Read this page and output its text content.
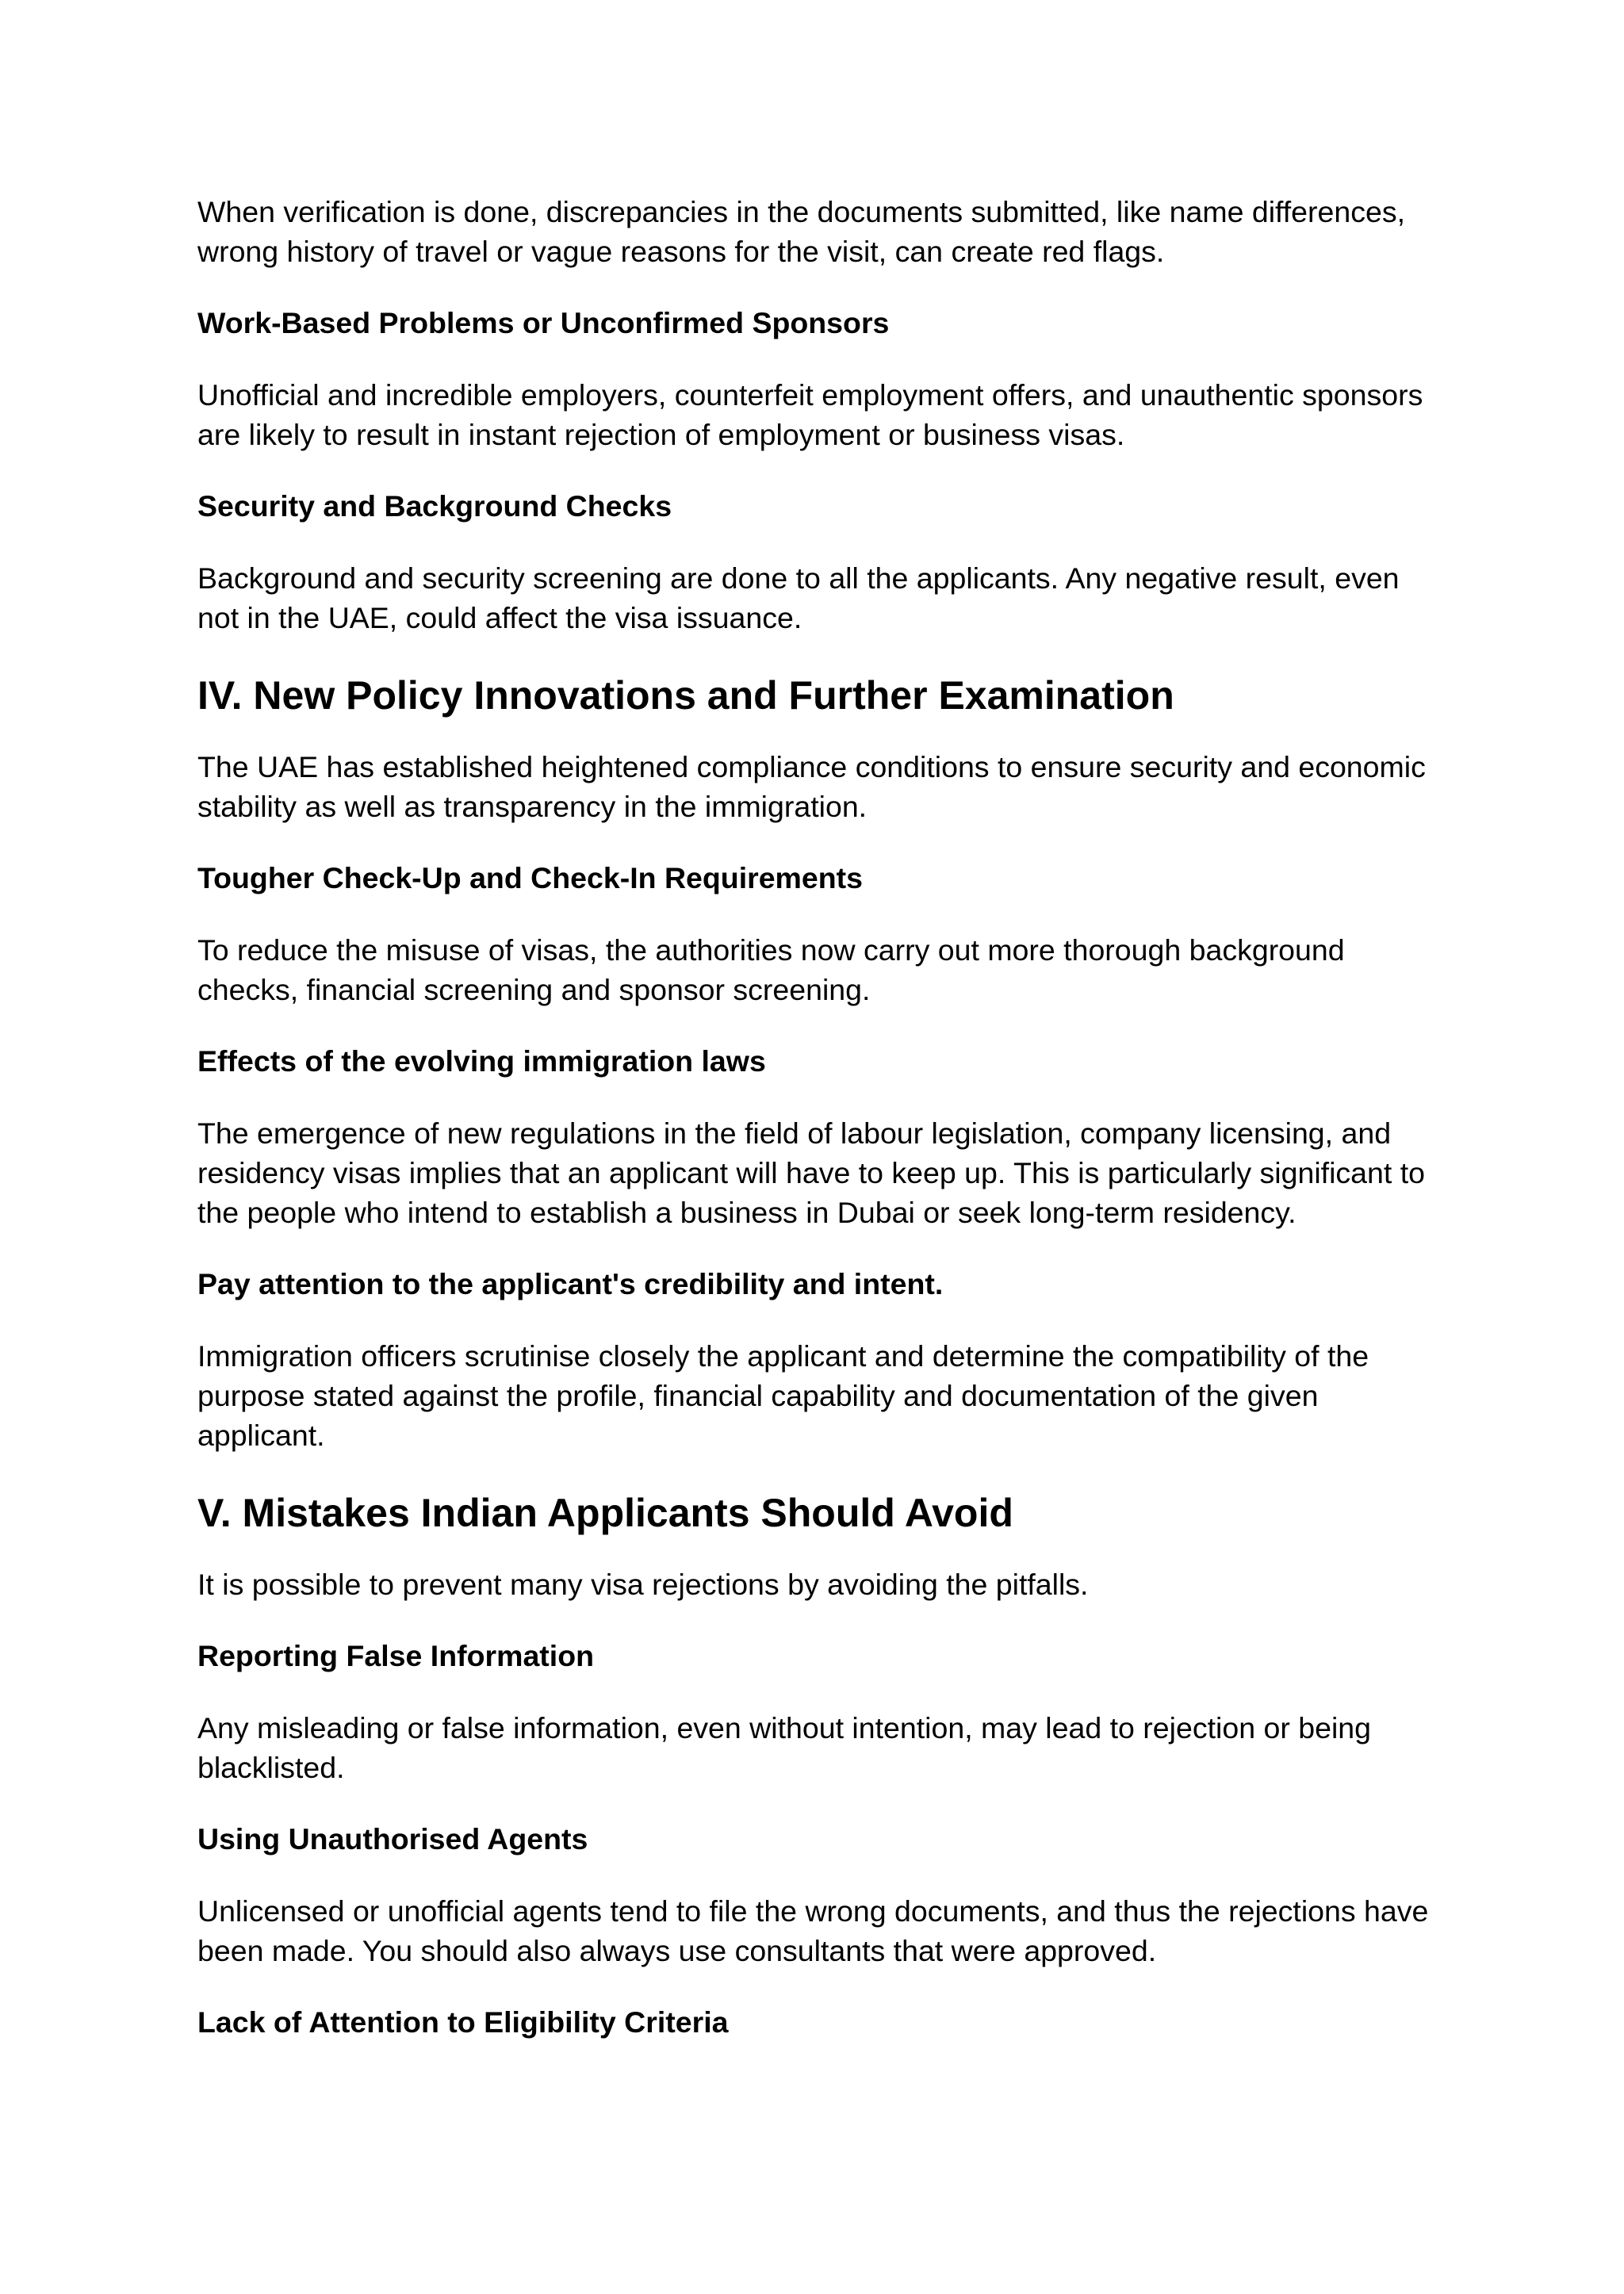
When verification is done, discrepancies in the documents submitted, like name differences, wrong history of travel or vague reasons for the visit, can create red flags.

Work-Based Problems or Unconfirmed Sponsors

Unofficial and incredible employers, counterfeit employment offers, and unauthentic sponsors are likely to result in instant rejection of employment or business visas.

Security and Background Checks

Background and security screening are done to all the applicants. Any negative result, even not in the UAE, could affect the visa issuance.

IV. New Policy Innovations and Further Examination

The UAE has established heightened compliance conditions to ensure security and economic stability as well as transparency in the immigration.

Tougher Check-Up and Check-In Requirements

To reduce the misuse of visas, the authorities now carry out more thorough background checks, financial screening and sponsor screening.

Effects of the evolving immigration laws

The emergence of new regulations in the field of labour legislation, company licensing, and residency visas implies that an applicant will have to keep up. This is particularly significant to the people who intend to establish a business in Dubai or seek long-term residency.

Pay attention to the applicant's credibility and intent.

Immigration officers scrutinise closely the applicant and determine the compatibility of the purpose stated against the profile, financial capability and documentation of the given applicant.

V. Mistakes Indian Applicants Should Avoid

It is possible to prevent many visa rejections by avoiding the pitfalls.

Reporting False Information

Any misleading or false information, even without intention, may lead to rejection or being blacklisted.

Using Unauthorised Agents

Unlicensed or unofficial agents tend to file the wrong documents, and thus the rejections have been made. You should also always use consultants that were approved.

Lack of Attention to Eligibility Criteria
